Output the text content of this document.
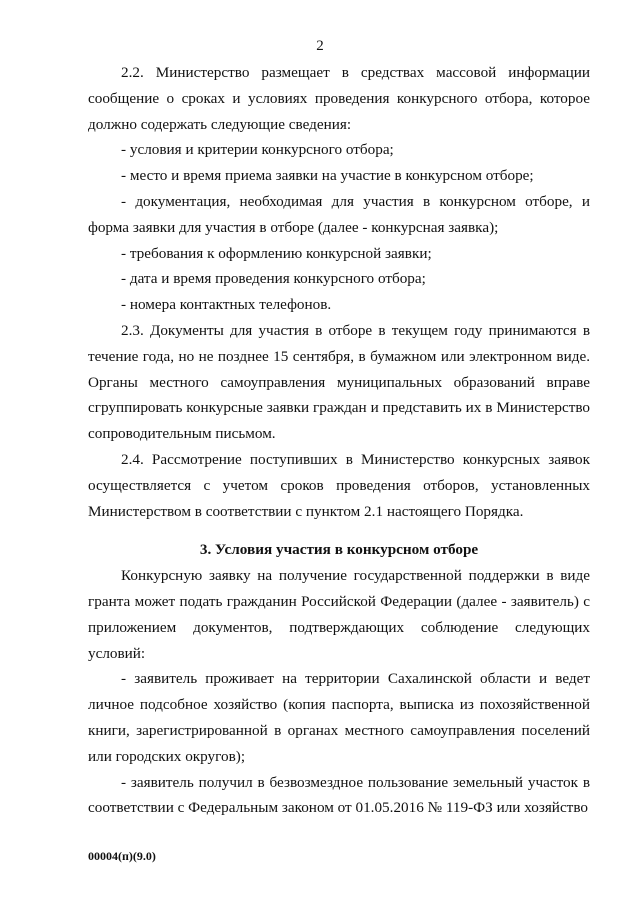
2

2.2. Министерство размещает в средствах массовой информации сообщение о сроках и условиях проведения конкурсного отбора, которое должно содержать следующие сведения:

- условия и критерии конкурсного отбора;

- место и время приема заявки на участие в конкурсном отборе;

- документация, необходимая для участия в конкурсном отборе, и форма заявки для участия в отборе (далее - конкурсная заявка);

- требования к оформлению конкурсной заявки;

- дата и время проведения конкурсного отбора;

- номера контактных телефонов.

2.3. Документы для участия в отборе в текущем году принимаются в течение года, но не позднее 15 сентября, в бумажном или электронном виде. Органы местного самоуправления муниципальных образований вправе сгруппировать конкурсные заявки граждан и представить их в Министерство сопроводительным письмом.

2.4. Рассмотрение поступивших в Министерство конкурсных заявок осуществляется с учетом сроков проведения отборов, установленных Министерством в соответствии с пунктом 2.1 настоящего Порядка.

3. Условия участия в конкурсном отборе

Конкурсную заявку на получение государственной поддержки в виде гранта может подать гражданин Российской Федерации (далее - заявитель) с приложением документов, подтверждающих соблюдение следующих условий:

- заявитель проживает на территории Сахалинской области и ведет личное подсобное хозяйство (копия паспорта, выписка из похозяйственной книги, зарегистрированной в органах местного самоуправления поселений или городских округов);

- заявитель получил в безвозмездное пользование земельный участок в соответствии с Федеральным законом от 01.05.2016 № 119-ФЗ или хозяйство

00004(п)(9.0)
